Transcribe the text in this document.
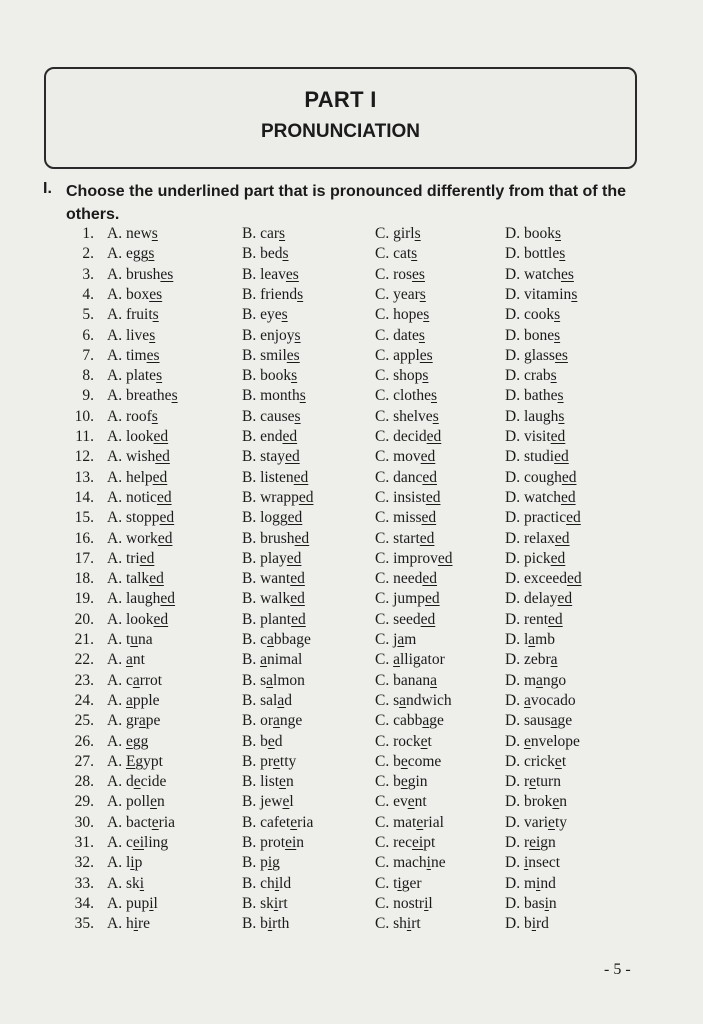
PART I
PRONUNCIATION
I. Choose the underlined part that is pronounced differently from that of the others.
1. A. news	B. cars	C. girls	D. books
2. A. eggs	B. beds	C. cats	D. bottles
3. A. brushes	B. leaves	C. roses	D. watches
4. A. boxes	B. friends	C. years	D. vitamins
5. A. fruits	B. eyes	C. hopes	D. cooks
6. A. lives	B. enjoys	C. dates	D. bones
7. A. times	B. smiles	C. apples	D. glasses
8. A. plates	B. books	C. shops	D. crabs
9. A. breathes	B. months	C. clothes	D. bathes
10. A. roofs	B. causes	C. shelves	D. laughs
11. A. looked	B. ended	C. decided	D. visited
12. A. wished	B. stayed	C. moved	D. studied
13. A. helped	B. listened	C. danced	D. coughed
14. A. noticed	B. wrapped	C. insisted	D. watched
15. A. stopped	B. logged	C. missed	D. practiced
16. A. worked	B. brushed	C. started	D. relaxed
17. A. tried	B. played	C. improved	D. picked
18. A. talked	B. wanted	C. needed	D. exceeded
19. A. laughed	B. walked	C. jumped	D. delayed
20. A. looked	B. planted	C. seeded	D. rented
21. A. tuna	B. cabbage	C. jam	D. lamb
22. A. ant	B. animal	C. alligator	D. zebra
23. A. carrot	B. salmon	C. banana	D. mango
24. A. apple	B. salad	C. sandwich	D. avocado
25. A. grape	B. orange	C. cabbage	D. sausage
26. A. egg	B. bed	C. rocket	D. envelope
27. A. Egypt	B. pretty	C. become	D. cricket
28. A. decide	B. listen	C. begin	D. return
29. A. pollen	B. jewel	C. event	D. broken
30. A. bacteria	B. cafeteria	C. material	D. variety
31. A. ceiling	B. protein	C. receipt	D. reign
32. A. lip	B. pig	C. machine	D. insect
33. A. ski	B. child	C. tiger	D. mind
34. A. pupil	B. skirt	C. nostril	D. basin
35. A. hire	B. birth	C. shirt	D. bird
- 5 -
